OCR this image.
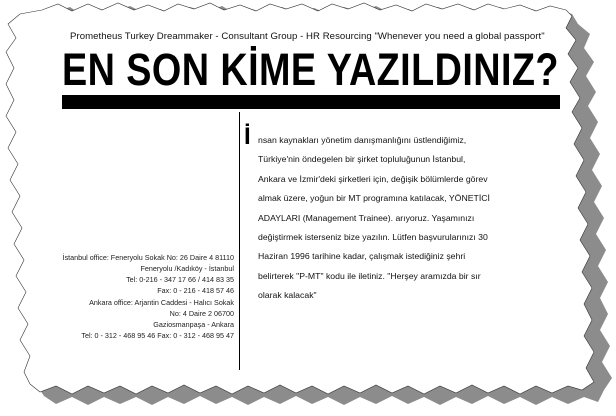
Prometheus Turkey Dreammaker - Consultant Group - HR Resourcing "Whenever you need a global passport"
EN SON KİME YAZILDINIZ?
İstanbul office: Feneryolu Sokak No: 26 Daire 4 81110
Feneryolu /Kadıköy - İstanbul
Tel: 0-216 - 347 17 66 / 414 83 35
Fax: 0 - 216 - 418 57 46
Ankara office: Arjantin Caddesi - Halıcı Sokak
No: 4 Daire 2 06700
Gaziosmanpaşa - Ankara
Tel: 0 - 312 - 468 95 46 Fax: 0 - 312 - 468 95 47
İ nsan kaynakları yönetim danışmanlığını üstlendiğimiz,
Türkiye'nin öndegelen bir şirket topluluğunun İstanbul,
Ankara ve İzmir'deki şirketleri için, değişik bölümlerde görev
almak üzere, yoğun bir MT programına katılacak, YÖNETİCİ
ADAYLARI (Management Trainee). arıyoruz. Yaşamınızı
değiştirmek isterseniz bize yazılın. Lütfen başvurularınızı 30
Haziran 1996 tarihine kadar, çalışmak istediğiniz şehri
belirterek "P-MT" kodu ile iletiniz. "Herşey aramızda bir sır
olarak kalacak"
